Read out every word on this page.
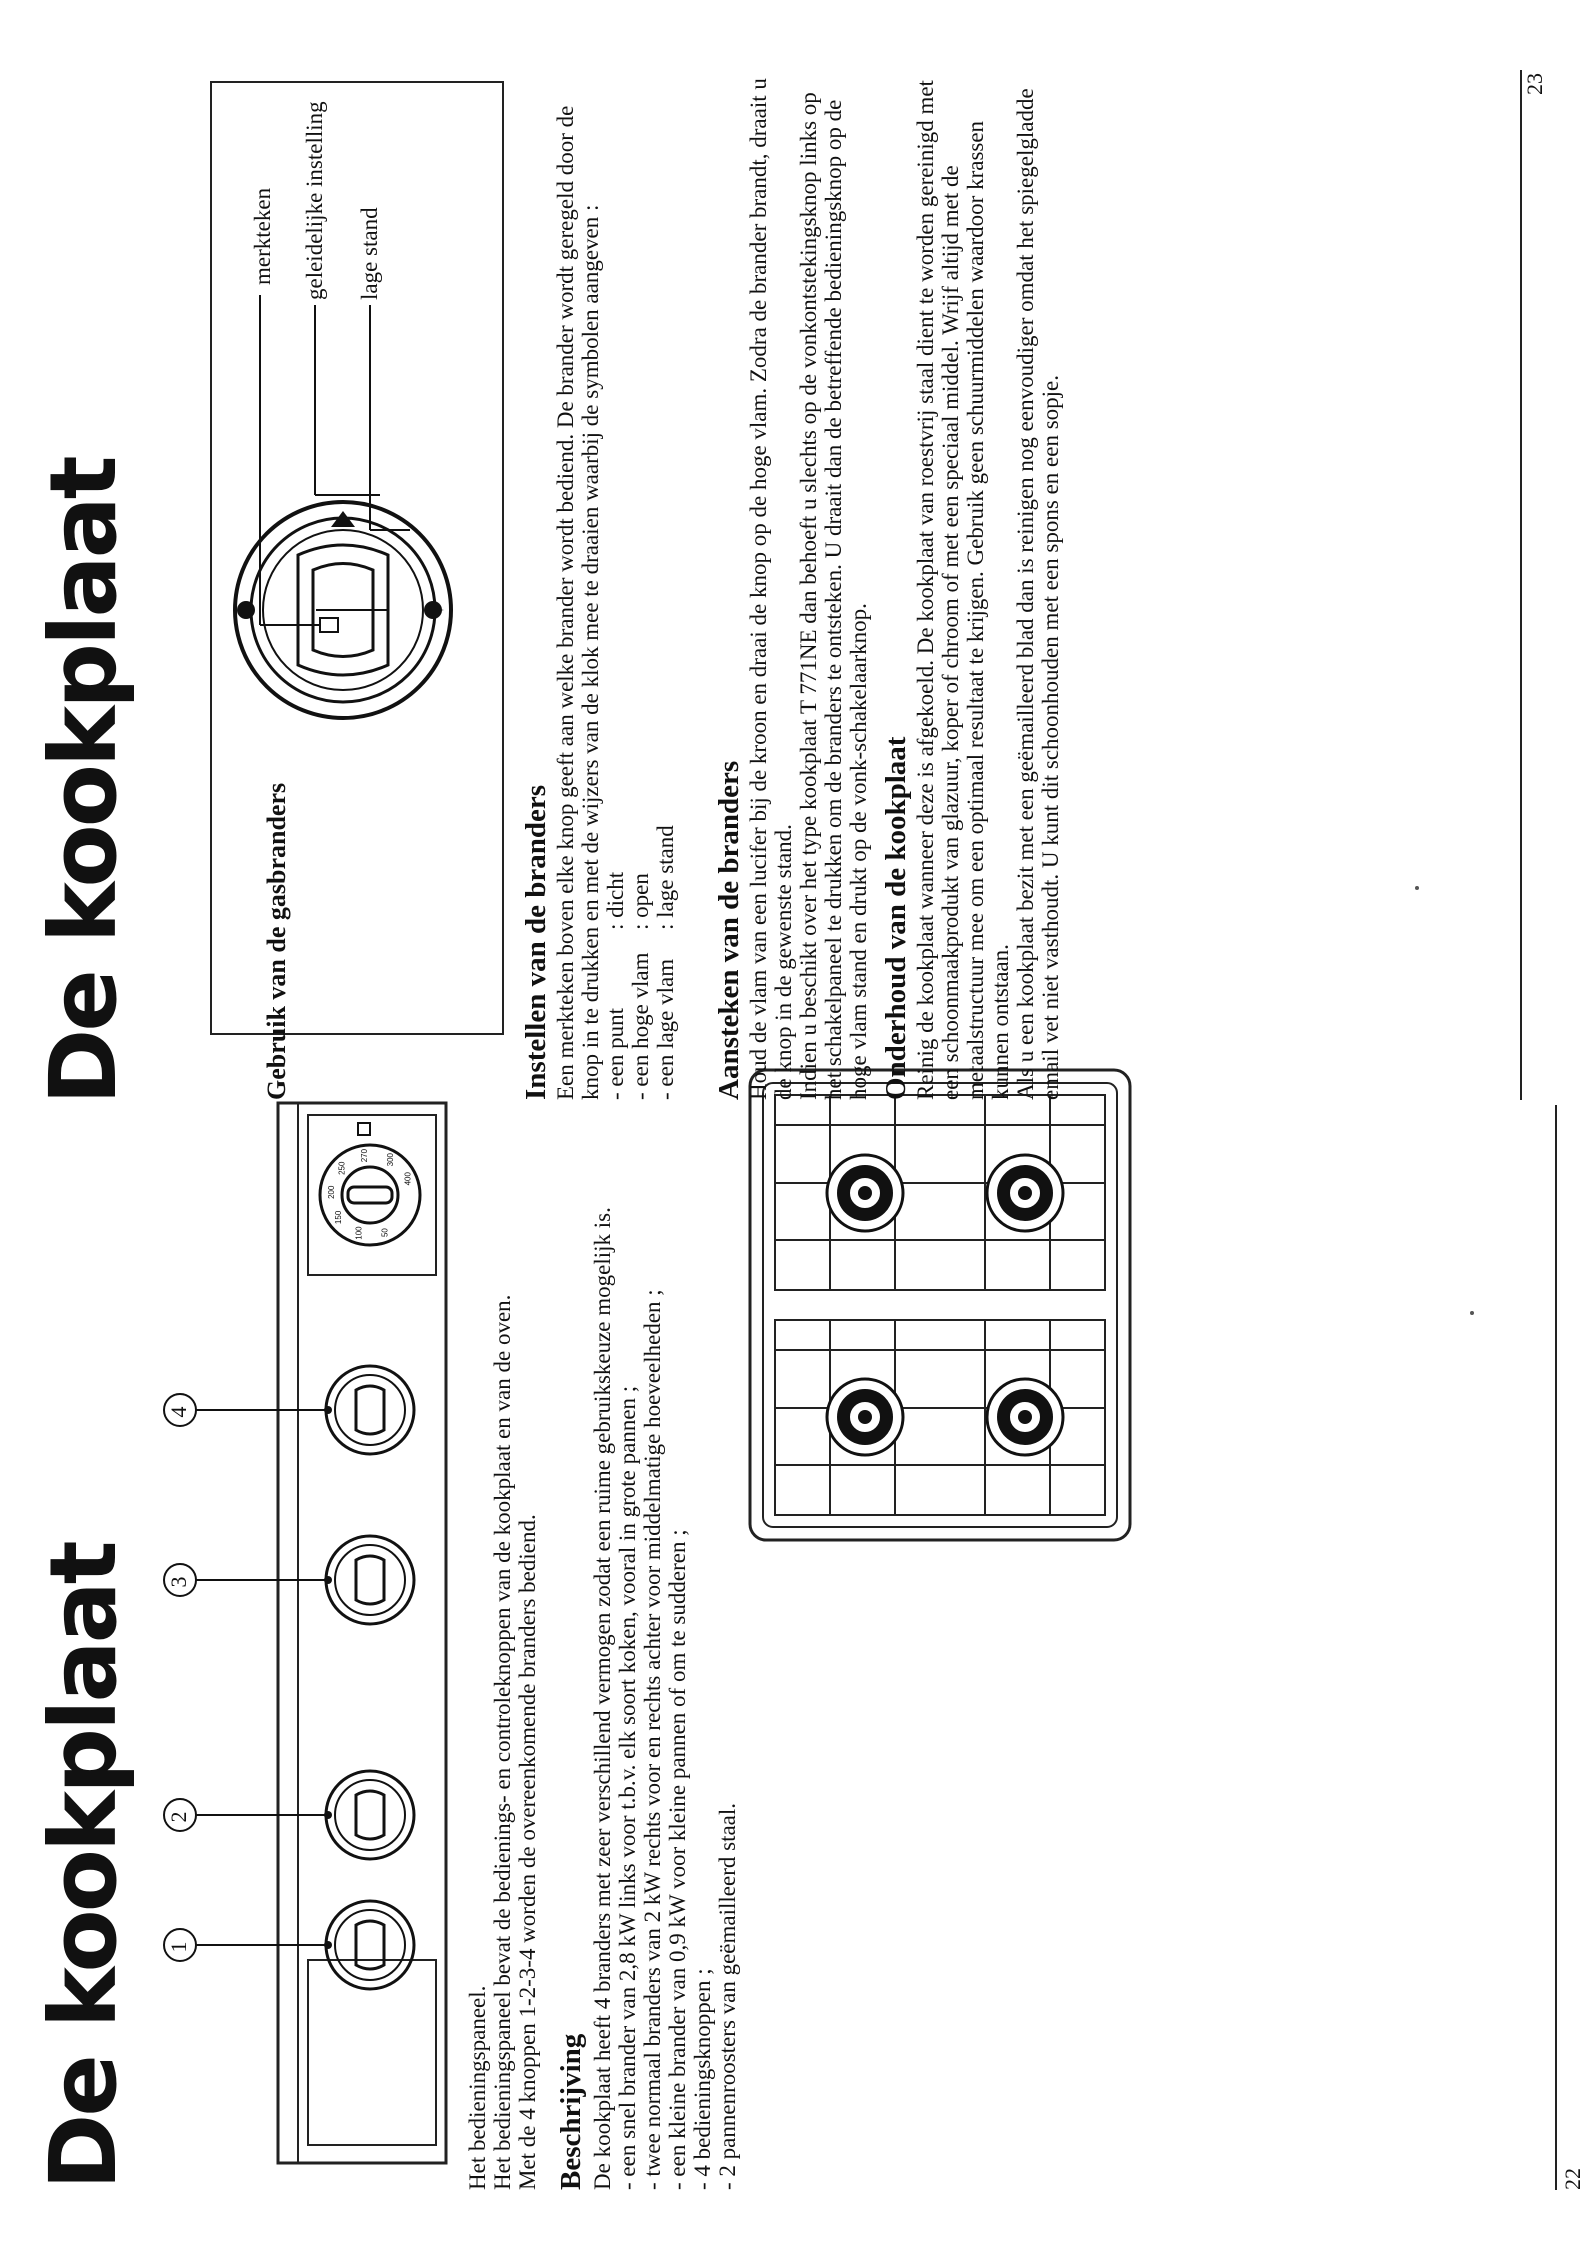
De kookplaat
50
100
150
200
250
270 300
400
1
2
3
4

Het bedieningspaneel. Het bedieningspaneel bevat de bedienings- en controleknoppen van de kookplaat en van de oven. Met de 4 knoppen 1-2-3-4 worden de overeenkomende branders bediend. Beschrijving De kookplaat heeft 4 branders met zeer verschillend vermogen zodat een ruime gebruikskeuze mogelijk is. - een snel brander van 2,8 kW links voor t.b.v. elk soort koken, vooral in grote pannen ; - twee normaal branders van 2 kW rechts voor en rechts achter voor middelmatige hoeveelheden ; - een kleine brander van 0,9 kW voor kleine pannen of om te sudderen ; - 4 bedieningsknoppen ; - 2 pannenroosters van geëmailleerd staal.	22
De kookplaat
merkteken geleidelijke instelling lage stand
Gebruik van de gasbranders	Instellen van de branders Een merkteken boven elke knop geeft aan welke brander wordt bediend. De brander wordt geregeld door de knop in te drukken en met de wijzers van de klok mee te draaien waarbij de symbolen aangeven : - een punt: dicht

- een hoge vlam: open

- een lage vlam: lage stand Aansteken van de branders Houd de vlam van een lucifer bij de kroon en draai de knop op de hoge vlam. Zodra de brander brandt, draait u de knop in de gewenste stand. Indien u beschikt over het type kookplaat T 771NE dan behoeft u slechts op de vonkontstekingsknop links op het schakelpaneel te drukken om de branders te ontsteken. U draait dan de betreffende bedieningsknop op de hoge vlam stand en drukt op de vonk-schakelaarknop. Onderhoud van de kookplaat Reinig de kookplaat wanneer deze is afgekoeld. De kookplaat van roestvrij staal dient te worden gereinigd met een schoonmaakprodukt van glazuur, koper of chroom of met een speciaal middel. Wrijf altijd met de metaalstructuur mee om een optimaal resultaat te krijgen. Gebruik geen schuurmiddelen waardoor krassen kunnen ontstaan. Als u een kookplaat bezit met een geëmailleerd blad dan is reinigen nog eenvoudiger omdat het spiegelgladde email vet niet vasthoudt. U kunt dit schoonhouden met een spons en een sopje.

23
